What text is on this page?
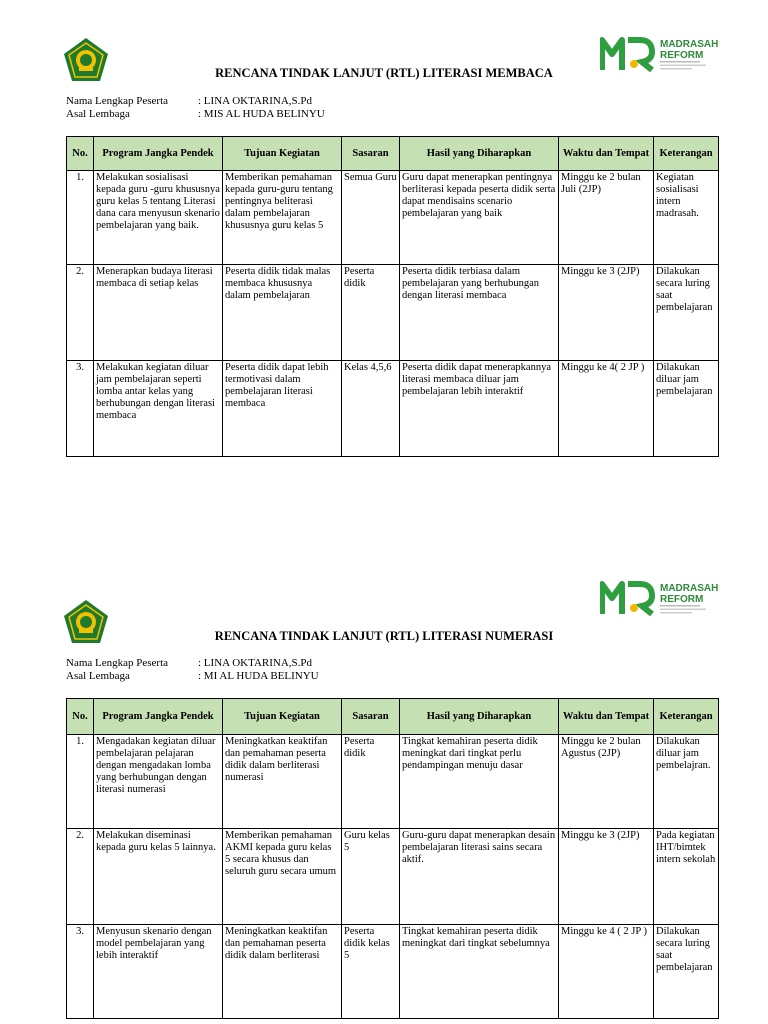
MADRASAH
REFORM
RENCANA TINDAK LANJUT (RTL) LITERASI MEMBACA
Nama Lengkap Peserta	: LINA OKTARINA,S.Pd
Asal Lembaga	: MIS AL HUDA BELINYU
No.	Program Jangka Pendek	Tujuan Kegiatan	Sasaran	Hasil yang Diharapkan	Waktu dan Tempat	Keterangan
1.	Melakukan sosialisasi kepada guru -guru khususnya guru kelas 5 tentang Literasi dana cara menyusun skenario pembelajaran yang baik.	Memberikan pemahaman kepada guru-guru tentang pentingnya beliterasi dalam pembelajaran khususnya guru kelas 5	Semua Guru	Guru dapat menerapkan pentingnya berliterasi kepada peserta didik serta dapat mendisains scenario pembelajaran yang baik	Minggu ke 2 bulan Juli (2JP)	Kegiatan sosialisasi intern madrasah.
2.	Menerapkan budaya literasi membaca di setiap kelas	Peserta didik tidak malas membaca khususnya dalam pembelajaran	Peserta didik	Peserta didik terbiasa dalam pembelajaran yang berhubungan dengan literasi membaca	Minggu ke 3 (2JP)	Dilakukan secara luring saat pembelajaran
3.	Melakukan kegiatan diluar jam pembelajaran seperti lomba antar kelas yang berhubungan dengan literasi membaca	Peserta didik dapat lebih termotivasi dalam pembelajaran literasi membaca	Kelas 4,5,6	Peserta didik dapat menerapkannya literasi membaca diluar jam pembelajaran lebih interaktif	Minggu ke 4( 2 JP )	Dilakukan diluar jam pembelajaran
MADRASAH
REFORM
RENCANA TINDAK LANJUT (RTL) LITERASI NUMERASI
Nama Lengkap Peserta	: LINA OKTARINA,S.Pd
Asal Lembaga	: MI AL HUDA BELINYU
No.	Program Jangka Pendek	Tujuan Kegiatan	Sasaran	Hasil yang Diharapkan	Waktu dan Tempat	Keterangan
1.	Mengadakan kegiatan diluar pembelajaran pelajaran dengan mengadakan lomba yang berhubungan dengan literasi numerasi	Meningkatkan keaktifan dan pemahaman peserta didik dalam berliterasi numerasi	Peserta didik	Tingkat kemahiran peserta didik meningkat dari tingkat perlu pendampingan menuju dasar	Minggu ke 2 bulan Agustus (2JP)	Dilakukan diluar jam pembelajran.
2.	Melakukan diseminasi kepada guru kelas 5 lainnya.	Memberikan pemahaman AKMI kepada guru kelas 5 secara khusus dan seluruh guru secara umum	Guru kelas 5	Guru-guru dapat menerapkan desain pembelajaran literasi sains secara aktif.	Minggu ke 3 (2JP)	Pada kegiatan IHT/bimtek intern sekolah
3.	Menyusun skenario dengan model pembelajaran yang lebih interaktif	Meningkatkan keaktifan dan pemahaman peserta didik dalam berliterasi	Peserta didik kelas 5	Tingkat kemahiran peserta didik meningkat dari tingkat sebelumnya	Minggu ke 4 ( 2 JP )	Dilakukan secara luring saat pembelajaran
